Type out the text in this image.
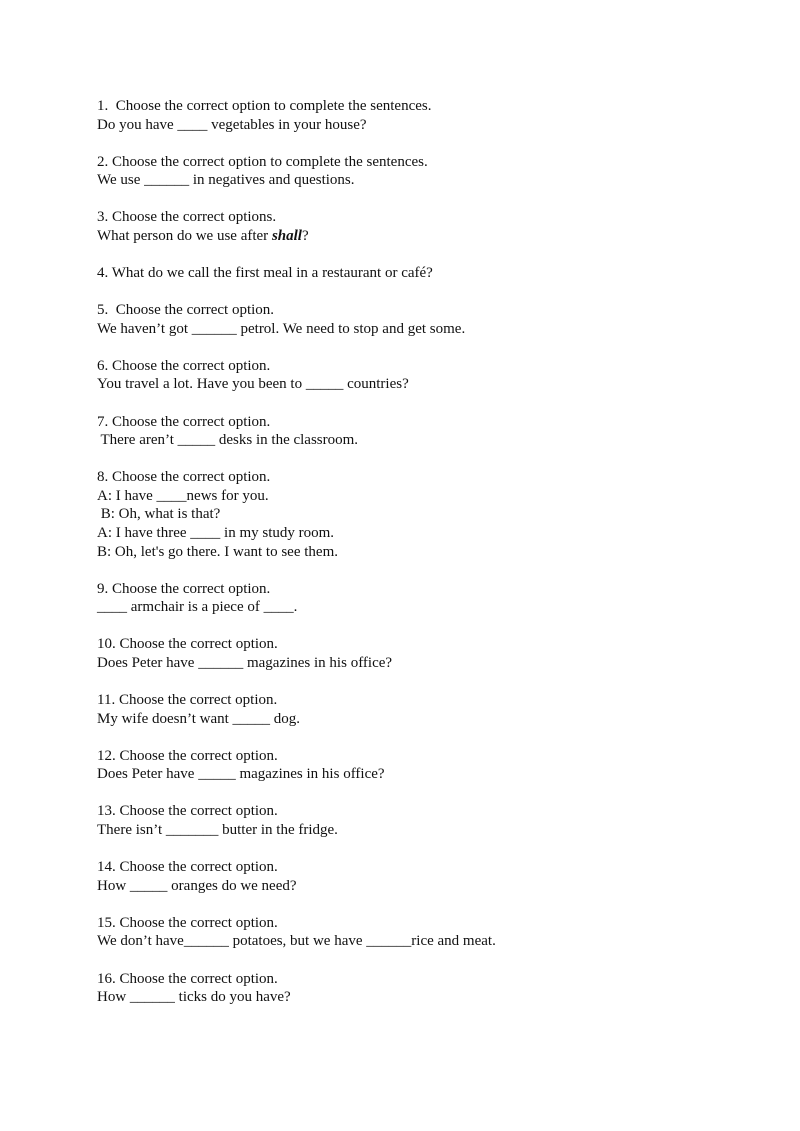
1.  Choose the correct option to complete the sentences.
Do you have ____ vegetables in your house?
2. Choose the correct option to complete the sentences.
We use ______ in negatives and questions.
3. Choose the correct options.
What person do we use after shall?
4. What do we call the first meal in a restaurant or café?
5.  Choose the correct option.
We haven’t got ______ petrol. We need to stop and get some.
6. Choose the correct option.
You travel a lot. Have you been to _____ countries?
7. Choose the correct option.
There aren’t _____ desks in the classroom.
8. Choose the correct option.
A: I have ____news for you.
B: Oh, what is that?
A: I have three ____ in my study room.
B: Oh, let's go there. I want to see them.
9. Choose the correct option.
____ armchair is a piece of ____.
10. Choose the correct option.
Does Peter have ______ magazines in his office?
11. Choose the correct option.
My wife doesn’t want _____ dog.
12. Choose the correct option.
Does Peter have _____ magazines in his office?
13. Choose the correct option.
There isn’t _______ butter in the fridge.
14. Choose the correct option.
How _____ oranges do we need?
15. Choose the correct option.
We don’t have______ potatoes, but we have ______rice and meat.
16. Choose the correct option.
How ______ ticks do you have?
